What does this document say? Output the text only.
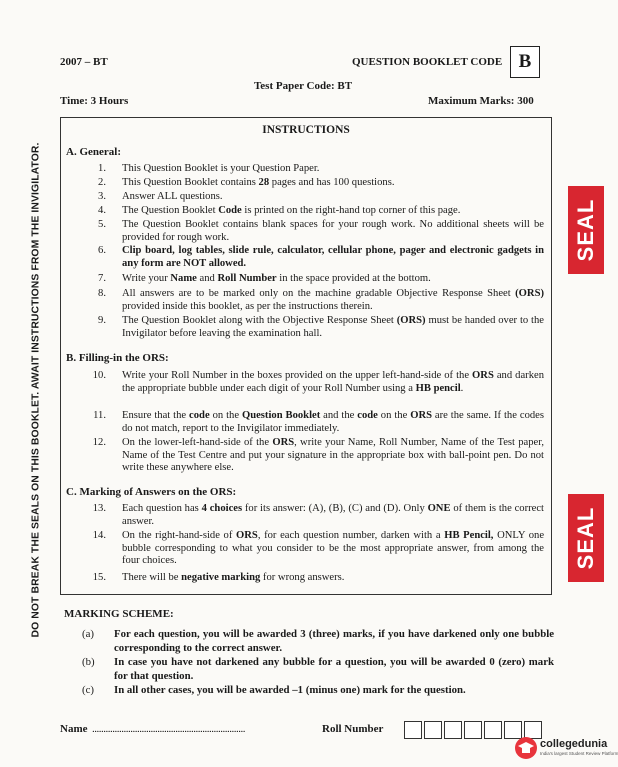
2007 – BT	QUESTION BOOKLET CODE B
Test Paper Code: BT
Time: 3 Hours	Maximum Marks: 300
DO NOT BREAK THE SEALS ON THIS BOOKLET. AWAIT INSTRUCTIONS FROM THE INVIGILATOR.
INSTRUCTIONS
A. General:
1. This Question Booklet is your Question Paper.
2. This Question Booklet contains 28 pages and has 100 questions.
3. Answer ALL questions.
4. The Question Booklet Code is printed on the right-hand top corner of this page.
5. The Question Booklet contains blank spaces for your rough work. No additional sheets will be provided for rough work.
6. Clip board, log tables, slide rule, calculator, cellular phone, pager and electronic gadgets in any form are NOT allowed.
7. Write your Name and Roll Number in the space provided at the bottom.
8. All answers are to be marked only on the machine gradable Objective Response Sheet (ORS) provided inside this booklet, as per the instructions therein.
9. The Question Booklet along with the Objective Response Sheet (ORS) must be handed over to the Invigilator before leaving the examination hall.
B. Filling-in the ORS:
10. Write your Roll Number in the boxes provided on the upper left-hand-side of the ORS and darken the appropriate bubble under each digit of your Roll Number using a HB pencil.
11. Ensure that the code on the Question Booklet and the code on the ORS are the same. If the codes do not match, report to the Invigilator immediately.
12. On the lower-left-hand-side of the ORS, write your Name, Roll Number, Name of the Test paper, Name of the Test Centre and put your signature in the appropriate box with ball-point pen. Do not write these anywhere else.
C. Marking of Answers on the ORS:
13. Each question has 4 choices for its answer: (A), (B), (C) and (D). Only ONE of them is the correct answer.
14. On the right-hand-side of ORS, for each question number, darken with a HB Pencil, ONLY one bubble corresponding to what you consider to be the most appropriate answer, from among the four choices.
15. There will be negative marking for wrong answers.
MARKING SCHEME:
(a) For each question, you will be awarded 3 (three) marks, if you have darkened only one bubble corresponding to the correct answer.
(b) In case you have not darkened any bubble for a question, you will be awarded 0 (zero) mark for that question.
(c) In all other cases, you will be awarded –1 (minus one) mark for the question.
Name ....................................................................	Roll Number
SEAL
SEAL
collegedunia
India's largest Student Review Platform
